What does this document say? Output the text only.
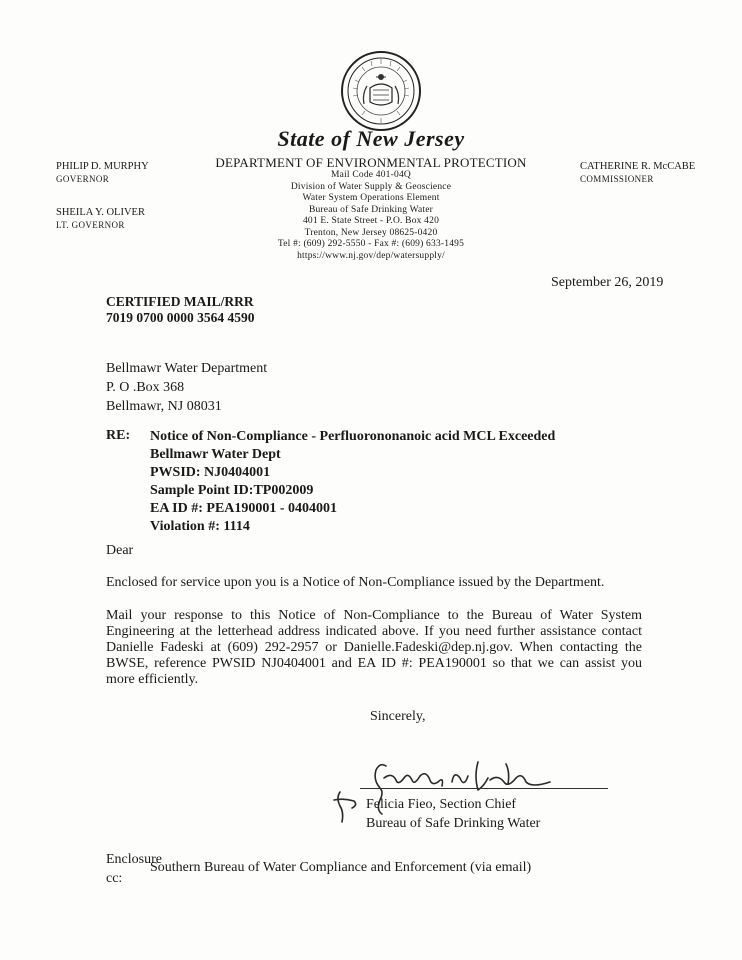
State of New Jersey
DEPARTMENT OF ENVIRONMENTAL PROTECTION
Mail Code 401-04Q
Division of Water Supply & Geoscience
Water System Operations Element
Bureau of Safe Drinking Water
401 E. State Street - P.O. Box 420
Trenton, New Jersey 08625-0420
Tel #: (609) 292-5550 - Fax #: (609) 633-1495
https://www.nj.gov/dep/watersupply/
PHILIP D. MURPHY
GOVERNOR
SHEILA Y. OLIVER
LT. GOVERNOR
CATHERINE R. McCABE
COMMISSIONER
September 26, 2019
CERTIFIED MAIL/RRR
7019 0700 0000 3564 4590
Bellmawr Water Department
P. O .Box 368
Bellmawr, NJ 08031
RE: Notice of Non-Compliance - Perfluorononanoic acid MCL Exceeded
Bellmawr Water Dept
PWSID: NJ0404001
Sample Point ID:TP002009
EA ID #: PEA190001 - 0404001
Violation #: 1114
Dear
Enclosed for service upon you is a Notice of Non-Compliance issued by the Department.
Mail your response to this Notice of Non-Compliance to the Bureau of Water System Engineering at the letterhead address indicated above. If you need further assistance contact Danielle Fadeski at (609) 292-2957 or Danielle.Fadeski@dep.nj.gov. When contacting the BWSE, reference PWSID NJ0404001 and EA ID #: PEA190001 so that we can assist you more efficiently.
Sincerely,
Felicia Fieo, Section Chief
Bureau of Safe Drinking Water
Enclosure
cc:
Southern Bureau of Water Compliance and Enforcement (via email)
